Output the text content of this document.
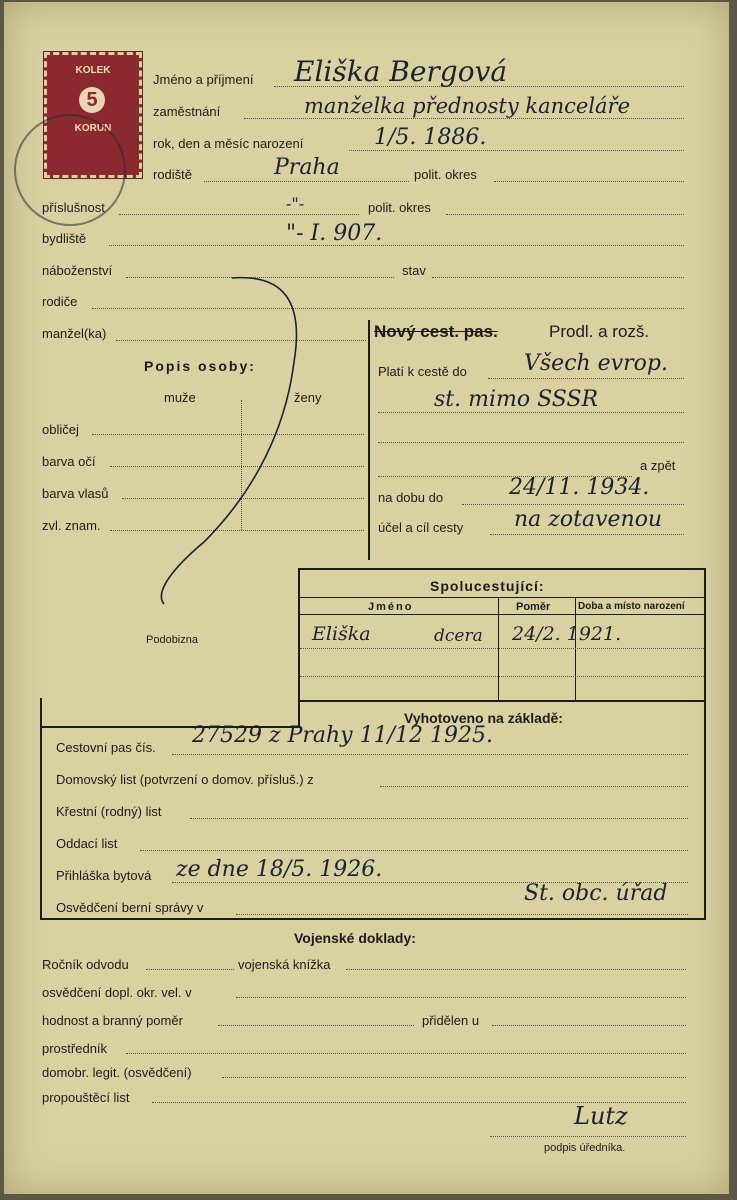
KOLEK
5
KORUN
Jméno a příjmení Eliška Bergová
zaměstnání	manželka přednosty kanceláře
rok, den a měsíc narození	1/5. 1886.
rodiště	Praha	polit. okres
příslušnost	-"-	polit. okres
bydliště	"- I. 907.
náboženství	stav
rodiče
manžel(ka)	Nový cest. pas.	Prodl. a rozš.
Popis osoby:
muže	ženy
obličej
barva očí
barva vlasů
zvl. znam.
Podobizna
Platí k cestě do	Všech evrop.
st. mimo SSSR
a zpět
na dobu do	24/11. 1934.
účel a cíl cesty na zotavenou
Spolucestující:
Jméno	Poměr	Doba a místo narození
Eliška	dcera 24/2. 1921.
Vyhotoveno na základě:
Cestovní pas čís. 27529 z Prahy 11/12 1925.
Domovský list (potvrzení o domov. přísluš.) z
Křestní (rodný) list
Oddací list
Přihláška bytová ze dne 18/5. 1926.
Osvědčení berní správy v
St. obc. úřad
Vojenské doklady:
Ročník odvodu	vojenská knížka
osvědčení dopl. okr. vel. v
hodnost a branný poměr	přidělen u
prostředník
domobr. legit. (osvědčení)
propouštěcí list
Lutz
podpis úředníka.
